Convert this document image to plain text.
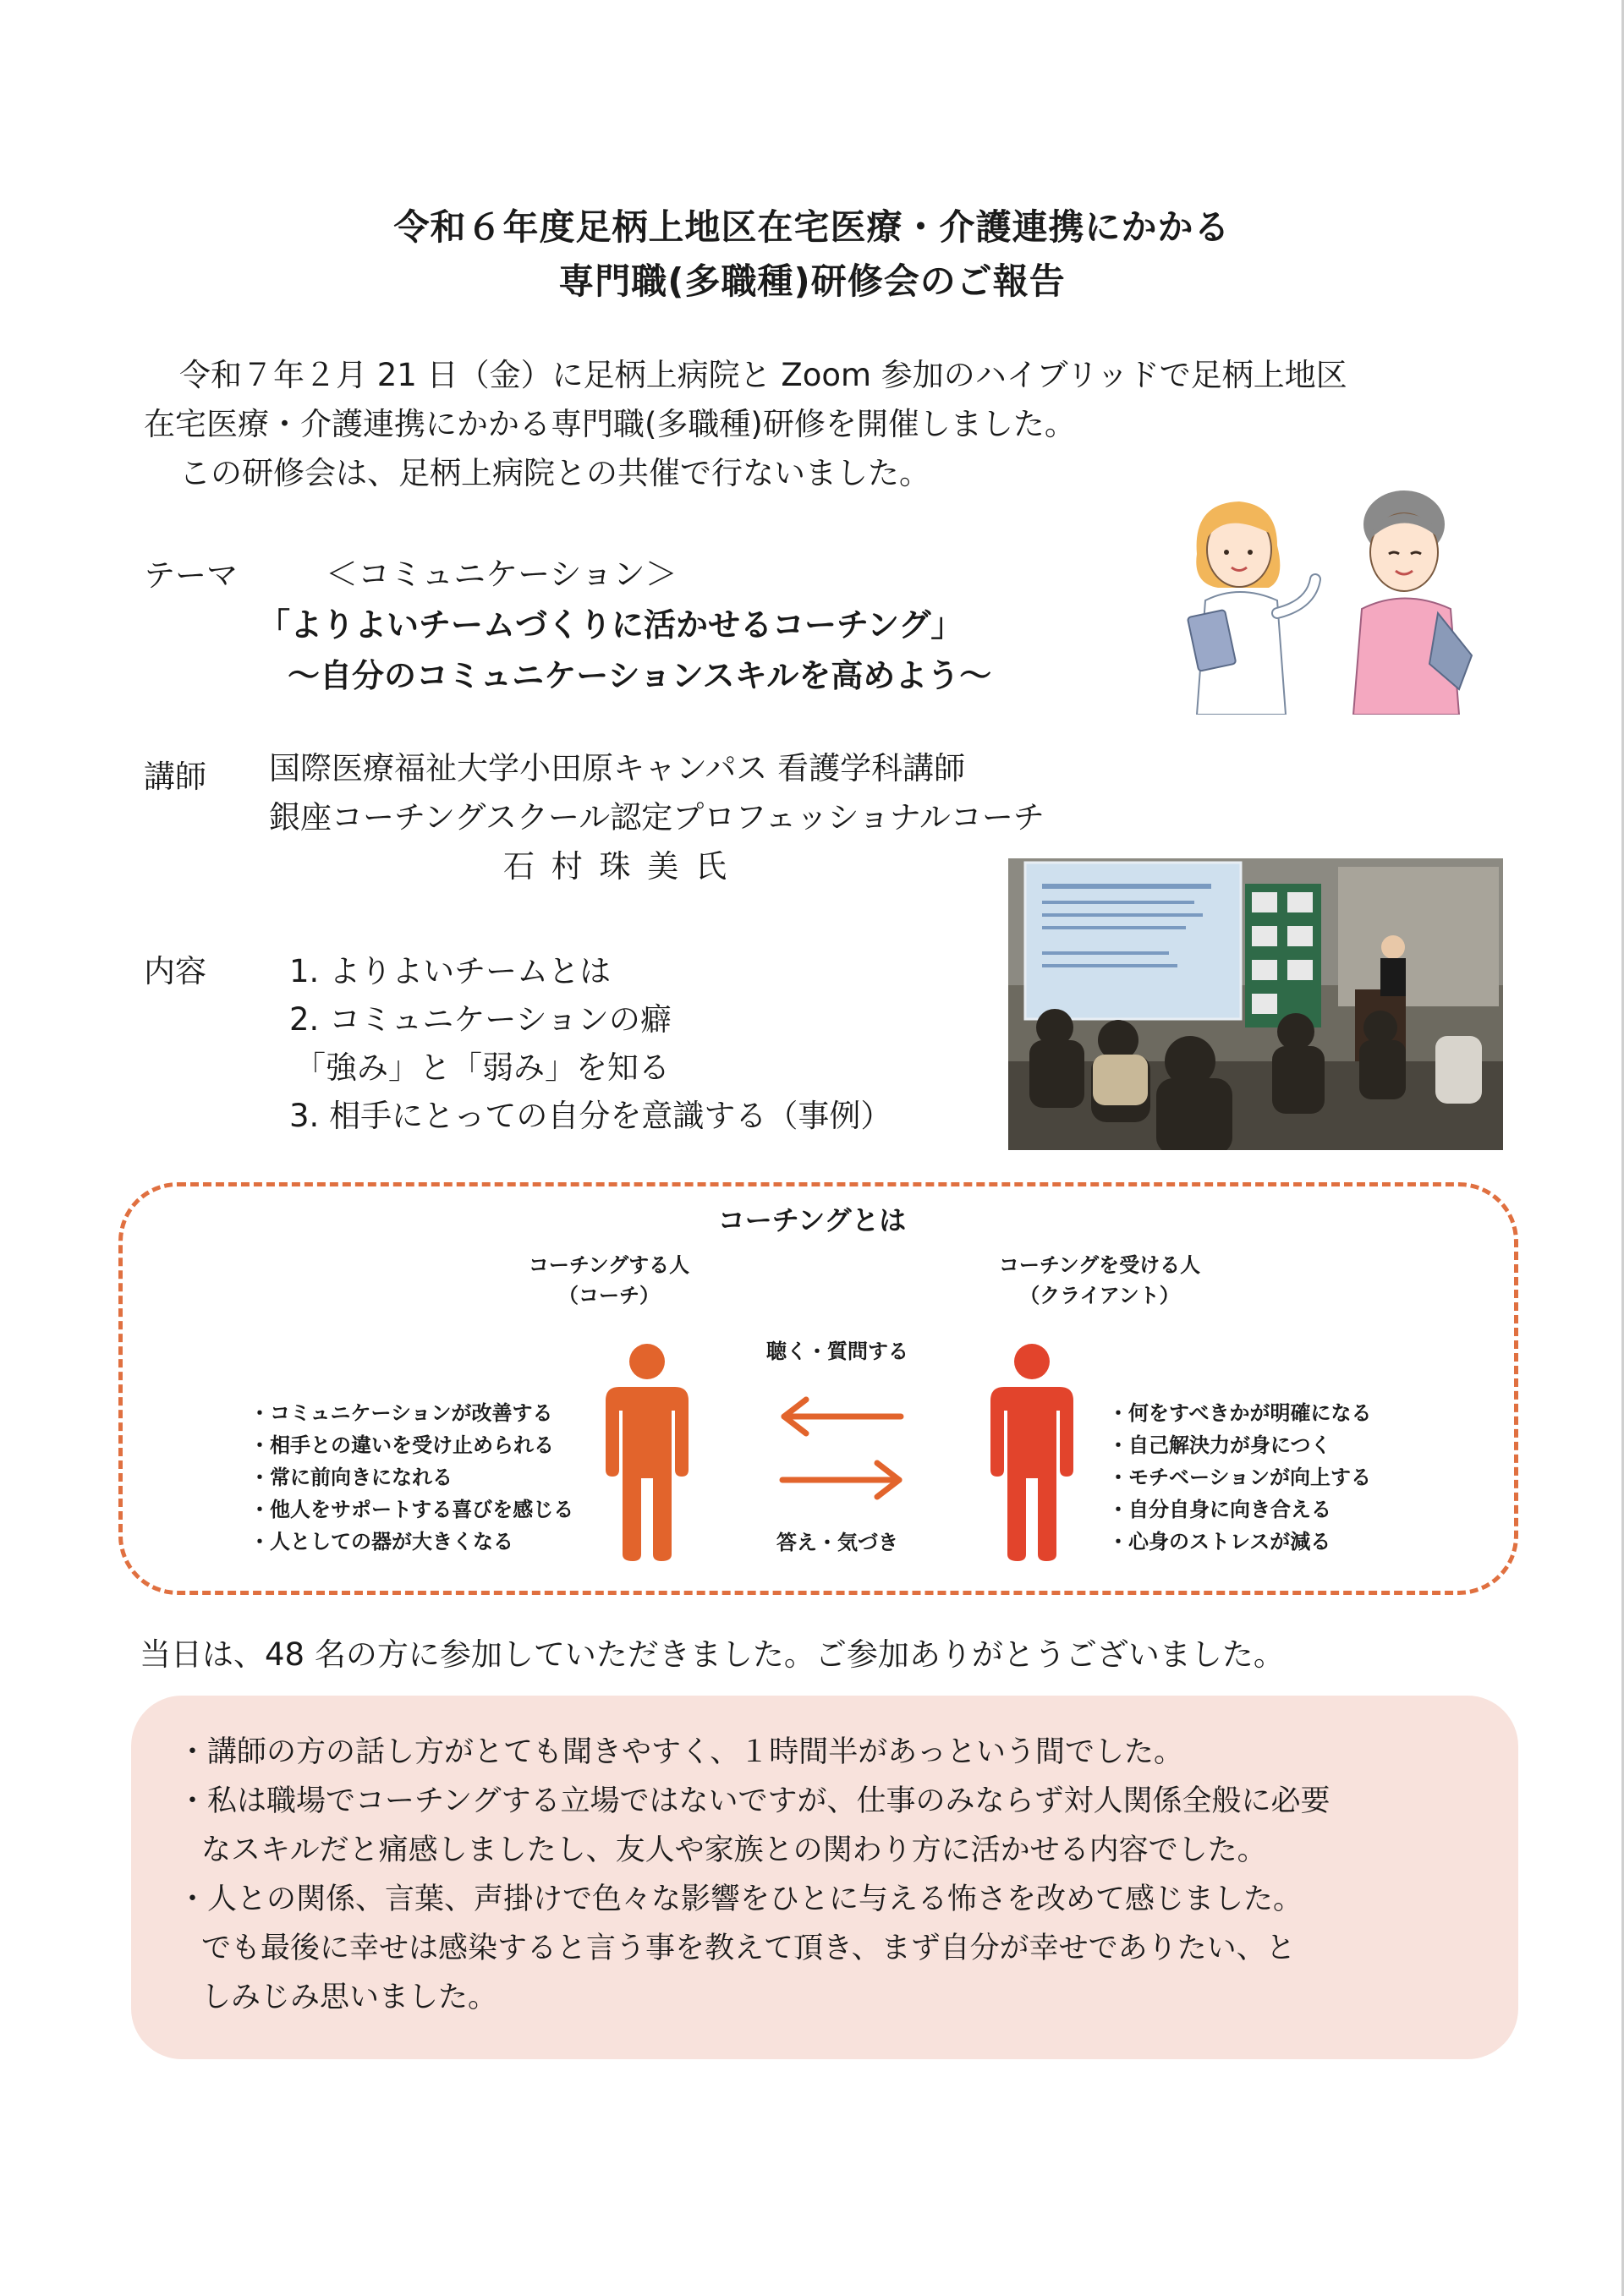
令和６年度足柄上地区在宅医療・介護連携にかかる
専門職(多職種)研修会のご報告
令和７年２月 21 日（金）に足柄上病院と Zoom 参加のハイブリッドで足柄上地区
在宅医療・介護連携にかかる専門職(多職種)研修を開催しました。
この研修会は、足柄上病院との共催で行ないました。
テーマ	＜コミュニケーション＞
「よりよいチームづくりに活かせるコーチング」
～自分のコミュニケーションスキルを高めよう～
講師 国際医療福祉大学小田原キャンパス 看護学科講師
銀座コーチングスクール認定プロフェッショナルコーチ
石 村 珠 美 氏
内容	1. よりよいチームとは
2. コミュニケーションの癖
「強み」と「弱み」を知る
3. 相手にとっての自分を意識する（事例）
コーチングとは
コーチングする人
（コーチ）
コーチングを受ける人
（クライアント）
聴く・質問する
答え・気づき
・ コミュニケーションが改善する
・ 相手との違いを受け止められる
・ 常に前向きになれる
・ 他人をサポートする喜びを感じる
・ 人としての器が大きくなる
・ 何をすべきかが明確になる
・ 自己解決力が身につく
・ モチベーションが向上する
・ 自分自身に向き合える
・ 心身のストレスが減る
当日は、48 名の方に参加していただきました。ご参加ありがとうございました。
・講師の方の話し方がとても聞きやすく、１時間半があっという間でした。
・私は職場でコーチングする立場ではないですが、仕事のみならず対人関係全般に必要
なスキルだと痛感しましたし、友人や家族との関わり方に活かせる内容でした。
・人との関係、言葉、声掛けで色々な影響をひとに与える怖さを改めて感じました。
でも最後に幸せは感染すると言う事を教えて頂き、まず自分が幸せでありたい、と
しみじみ思いました。
